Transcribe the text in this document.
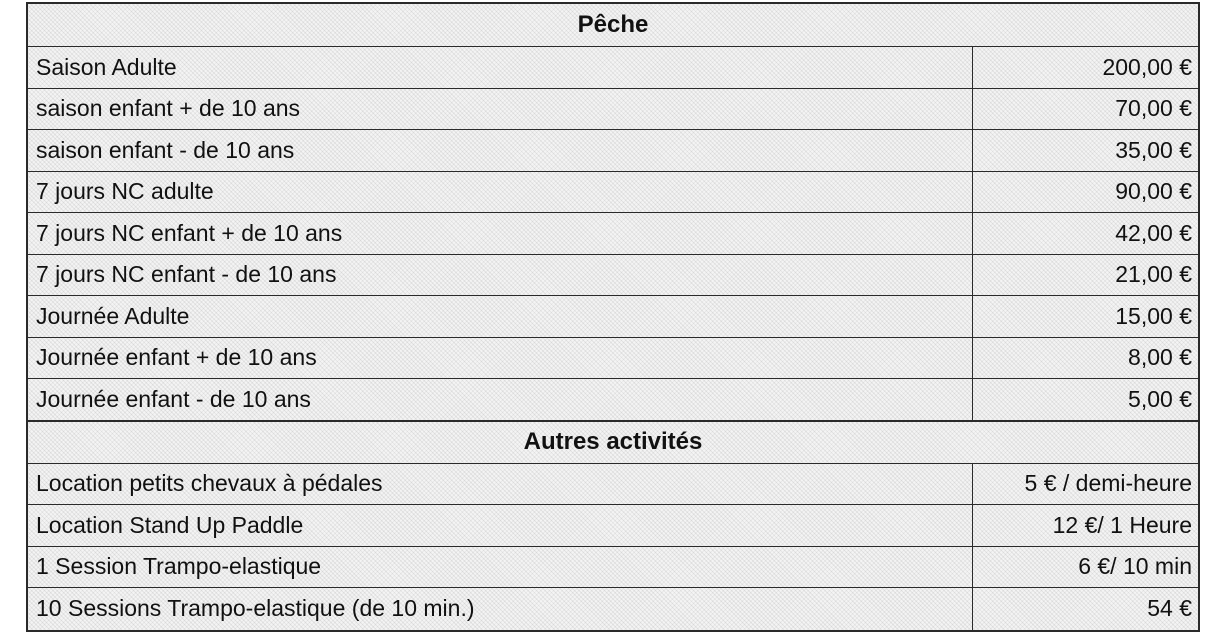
Pêche
Saison Adulte	200,00 €
saison enfant + de 10 ans	70,00 €
saison enfant - de 10 ans	35,00 €
7 jours NC adulte	90,00 €
7 jours NC enfant + de 10 ans	42,00 €
7 jours NC enfant - de 10 ans	21,00 €
Journée Adulte	15,00 €
Journée enfant + de 10 ans	8,00 €
Journée enfant - de 10 ans	5,00 €
Autres activités
Location petits chevaux à pédales	5 € / demi-heure
Location Stand Up Paddle	12 €/ 1 Heure
1 Session Trampo-elastique	6 €/ 10 min
10 Sessions Trampo-elastique (de 10 min.)	54 €
